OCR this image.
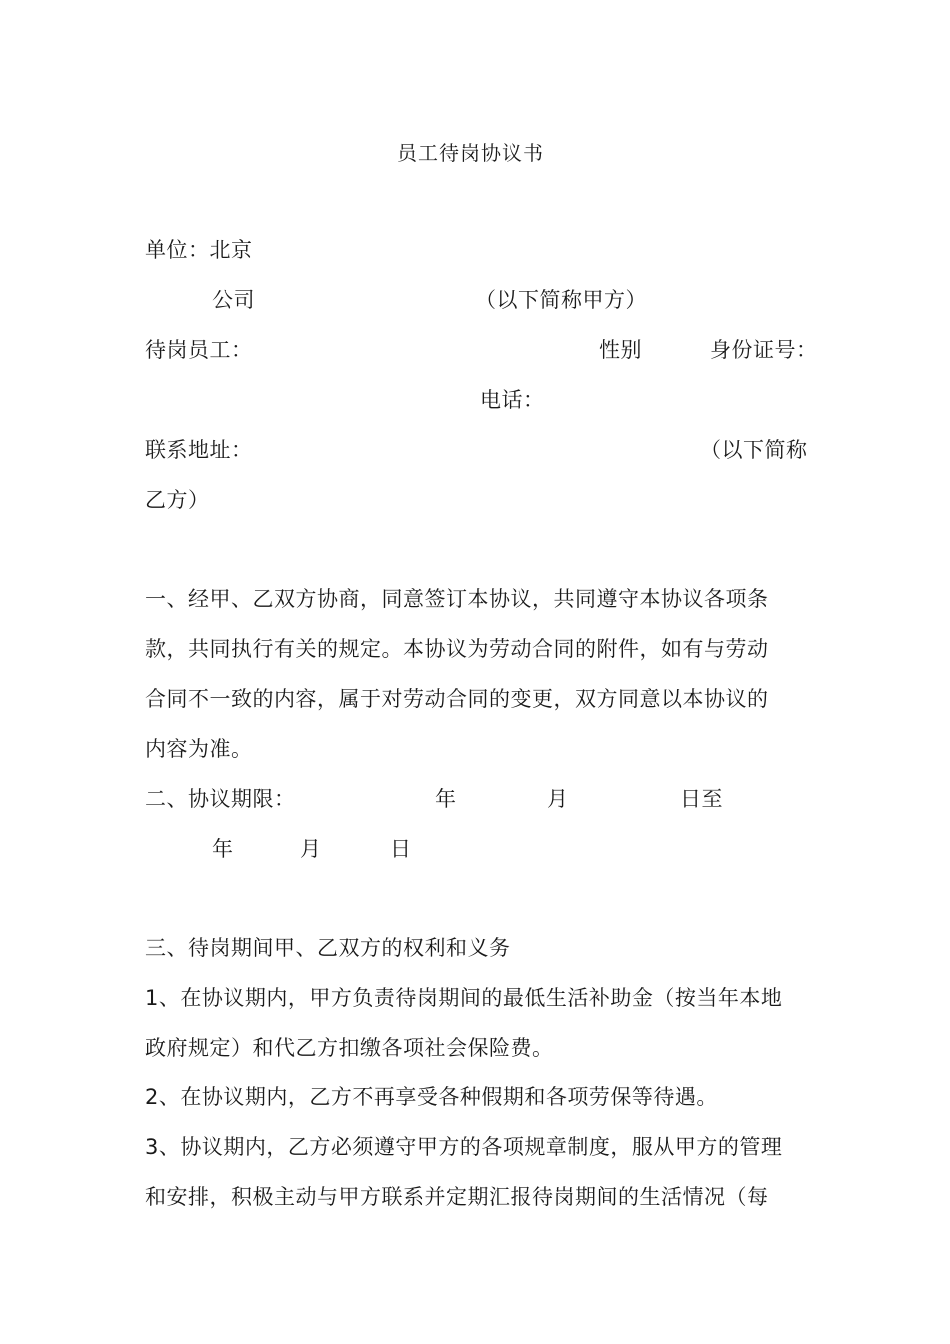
员工待岗协议书
单位：北京
公司	（以下简称甲方）
待岗员工：	性别	身份证号：
电话：
联系地址：	（以下简称
乙方）
一、经甲、乙双方协商，同意签订本协议，共同遵守本协议各项条
款，共同执行有关的规定。本协议为劳动合同的附件，如有与劳动
合同不一致的内容，属于对劳动合同的变更，双方同意以本协议的
内容为准。
二、协议期限：	年	月	日至
年	月	日
三、待岗期间甲、乙双方的权利和义务
1、在协议期内，甲方负责待岗期间的最低生活补助金（按当年本地
政府规定）和代乙方扣缴各项社会保险费。
2、在协议期内，乙方不再享受各种假期和各项劳保等待遇。
3、协议期内，乙方必须遵守甲方的各项规章制度，服从甲方的管理
和安排，积极主动与甲方联系并定期汇报待岗期间的生活情况（每
